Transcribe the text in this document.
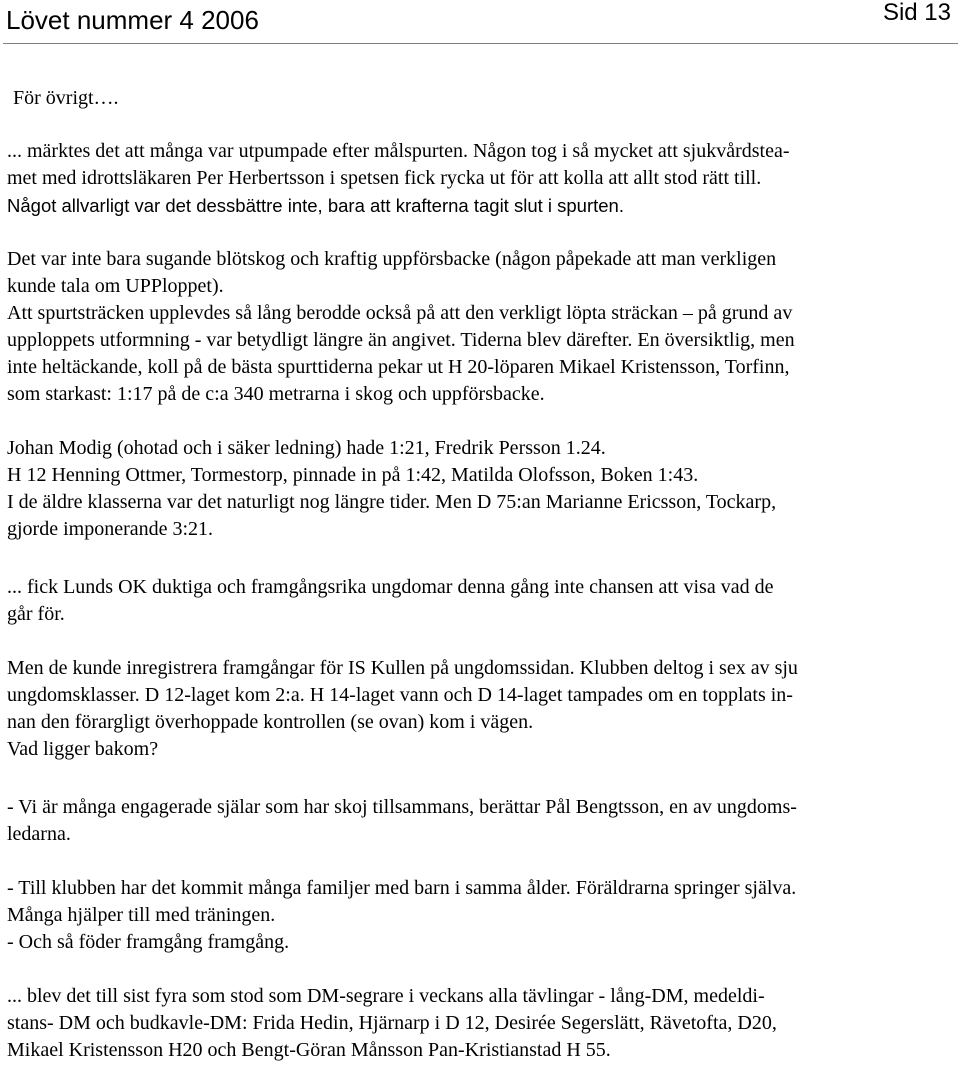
Lövet nummer 4 2006	Sid 13
För övrigt….
... märktes det att många var utpumpade efter målspurten. Någon tog i så mycket att sjukvårdstea-
met med idrottsläkaren Per Herbertsson i spetsen fick rycka ut för att kolla att allt stod rätt till.
Något allvarligt var det dessbättre inte, bara att krafterna tagit slut i spurten.
Det var inte bara sugande blötskog och kraftig uppförsbacke (någon påpekade att man verkligen
kunde tala om UPPloppet).
Att spurtsträcken upplevdes så lång berodde också på att den verkligt löpta sträckan – på grund av
upploppets utformning - var betydligt längre än angivet. Tiderna blev därefter. En översiktlig, men
inte heltäckande, koll på de bästa spurttiderna pekar ut H 20-löparen Mikael Kristensson, Torfinn,
som starkast: 1:17 på de c:a 340 metrarna i skog och uppförsbacke.
Johan Modig (ohotad och i säker ledning) hade 1:21, Fredrik Persson 1.24.
H 12 Henning Ottmer, Tormestorp, pinnade in på 1:42, Matilda Olofsson, Boken 1:43.
I de äldre klasserna var det naturligt nog längre tider. Men D 75:an Marianne Ericsson, Tockarp,
gjorde imponerande 3:21.
... fick Lunds OK duktiga och framgångsrika ungdomar denna gång inte chansen att visa vad de
går för.
Men de kunde inregistrera framgångar för IS Kullen på ungdomssidan. Klubben deltog i sex av sju
ungdomsklasser. D 12-laget kom 2:a. H 14-laget vann och D 14-laget tampades om en topplats in-
nan den förargligt överhoppade kontrollen (se ovan) kom i vägen.
Vad ligger bakom?
- Vi är många engagerade själar som har skoj tillsammans, berättar Pål Bengtsson, en av ungdoms-
ledarna.
- Till klubben har det kommit många familjer med barn i samma ålder. Föräldrarna springer själva.
Många hjälper till med träningen.
- Och så föder framgång framgång.
... blev det till sist fyra som stod som DM-segrare i veckans alla tävlingar - lång-DM, medeldi-
stans- DM och budkavle-DM: Frida Hedin, Hjärnarp i D 12, Desirée Segerslätt, Rävetofta, D20,
Mikael Kristensson H20 och Bengt-Göran Månsson Pan-Kristianstad H 55.
